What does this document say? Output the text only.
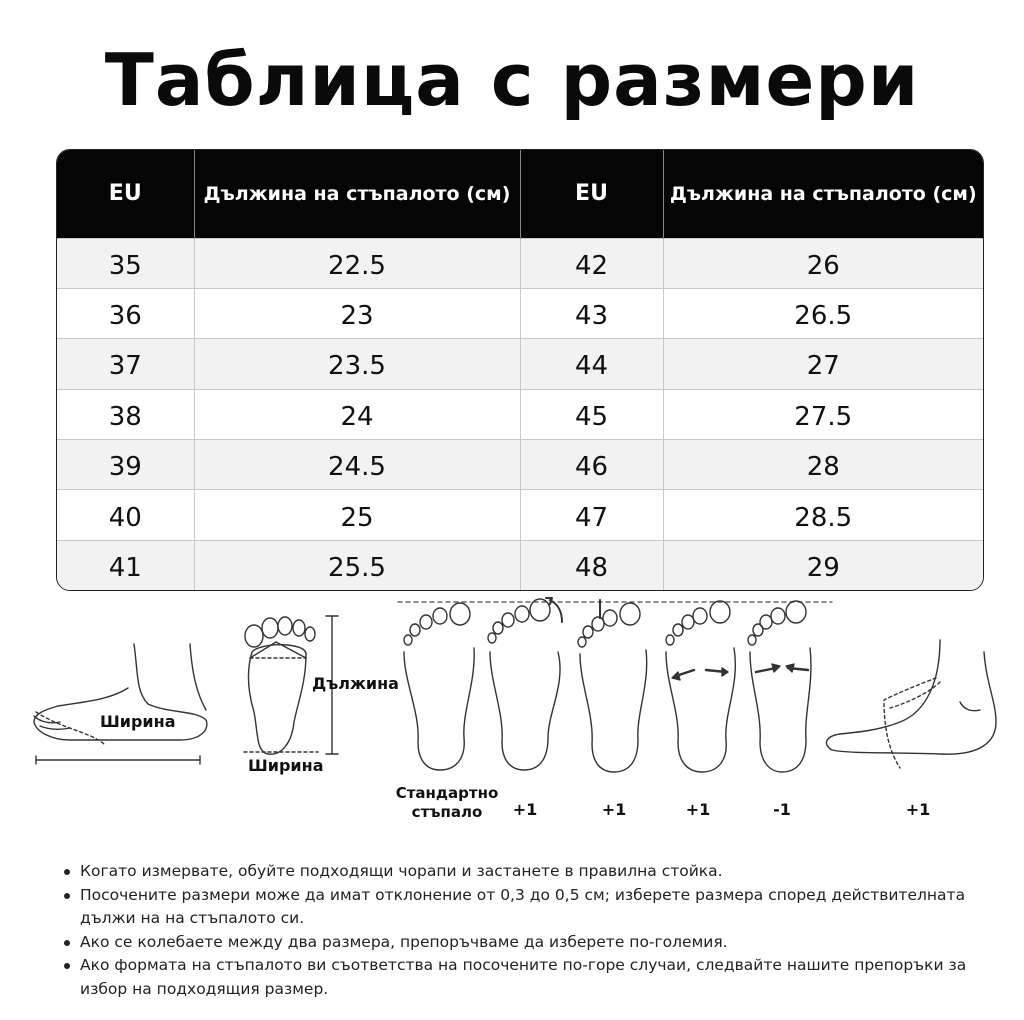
Таблица с размери
EU	Дължина на стъпалото (см)	EU	Дължина на стъпалото (см)
35	22.5	42	26
36	23	43	26.5
37	23.5	44	27
38	24	45	27.5
39	24.5	46	28
40	25	47	28.5
41	25.5	48	29
Ширина
Дължина
Ширина
Стандартно
стъпало	+1	+1	+1	-1	+1
Когато измервате, обуйте подходящи чорапи и застанете в правилна стойка.
Посочените размери може да имат отклонение от 0,3 до 0,5 см; изберете размера според действителната дължи на на стъпалото си.
Ако се колебаете между два размера, препоръчваме да изберете по-големия.
Ако формата на стъпалото ви съответства на посочените по-горе случаи, следвайте нашите препоръки за избор на подходящия размер.
